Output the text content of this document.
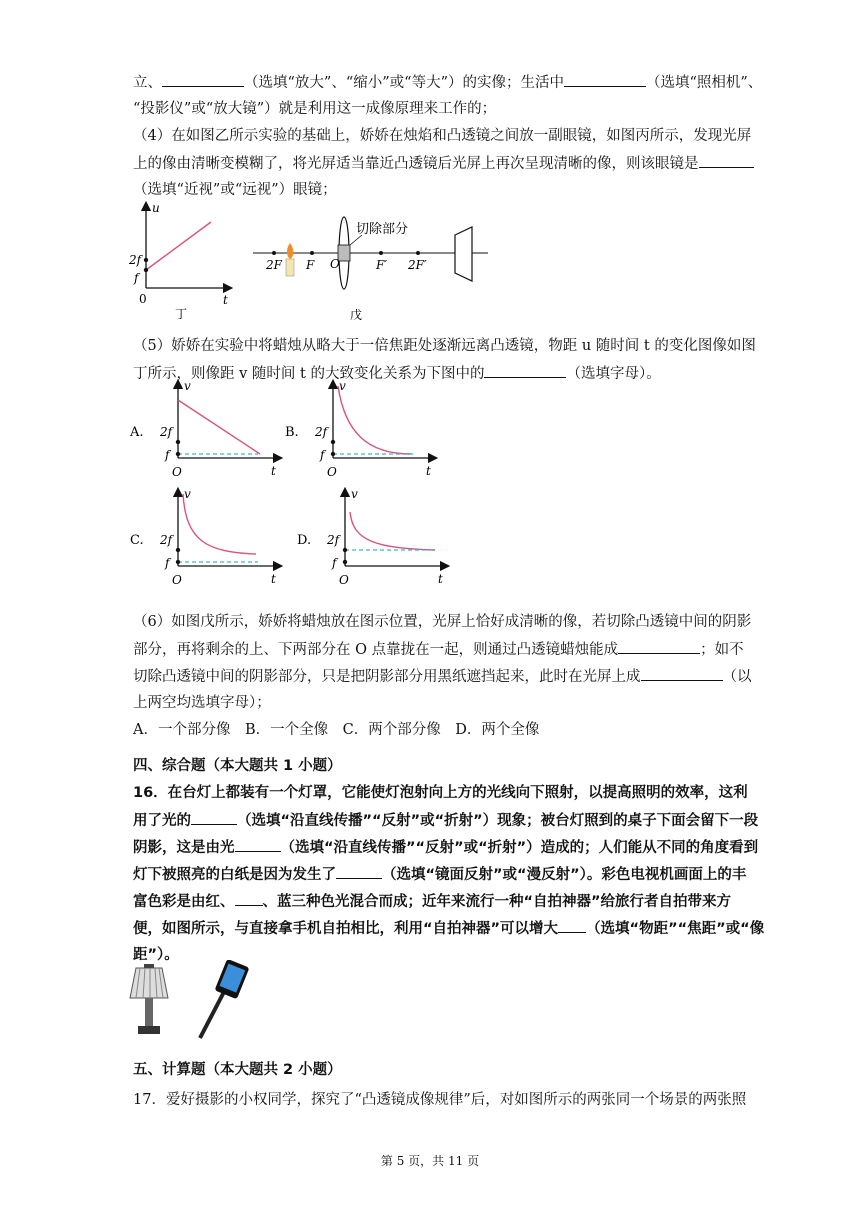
立、	（选填“放大”、“缩小”或“等大”）的实像；生活中	（选填“照相机”、
“投影仪”或“放大镜”）就是利用这一成像原理来工作的；
（4）在如图乙所示实验的基础上，娇娇在烛焰和凸透镜之间放一副眼镜，如图丙所示，发现光屏
上的像由清晰变模糊了，将光屏适当靠近凸透镜后光屏上再次呈现清晰的像，则该眼镜是
（选填“近视”或“远视”）眼镜；
u
t
0
2f
f
丁
切除部分
2F F O	F′ 2F′
戊
（5）娇娇在实验中将蜡烛从略大于一倍焦距处逐渐远离凸透镜，物距 u 随时间 t 的变化图像如图
丁所示，则像距 v 随时间 t 的大致变化关系为下图中的	（选填字母）。
A.
v
t
O
2f
f
B.
v
t
O
2f
f
C.
v
t
O
2f
f
D.
v
t
O
2f
f
（6）如图戊所示，娇娇将蜡烛放在图示位置，光屏上恰好成清晰的像，若切除凸透镜中间的阴影
部分，再将剩余的上、下两部分在 O 点靠拢在一起，则通过凸透镜蜡烛能成	；如不
切除凸透镜中间的阴影部分，只是把阴影部分用黑纸遮挡起来，此时在光屏上成	（以
上两空均选填字母）；
A．一个部分像　B．一个全像　C．两个部分像　D．两个全像
四、综合题（本大题共 1 小题）
16．在台灯上都装有一个灯罩，它能使灯泡射向上方的光线向下照射，以提高照明的效率，这利
用了光的	（选填“沿直线传播”“反射”或“折射”）现象；被台灯照到的桌子下面会留下一段
阴影，这是由光	（选填“沿直线传播”“反射”或“折射”）造成的；人们能从不同的角度看到
灯下被照亮的白纸是因为发生了	（选填“镜面反射”或“漫反射”）。彩色电视机画面上的丰
富色彩是由红、 、蓝三种色光混合而成；近年来流行一种“自拍神器”给旅行者自拍带来方
便，如图所示，与直接拿手机自拍相比，利用“自拍神器”可以增大 （选填“物距”“焦距”或“像
距”）。
五、计算题（本大题共 2 小题）
17．爱好摄影的小权同学，探究了“凸透镜成像规律”后，对如图所示的两张同一个场景的两张照
第 5 页，共 11 页
